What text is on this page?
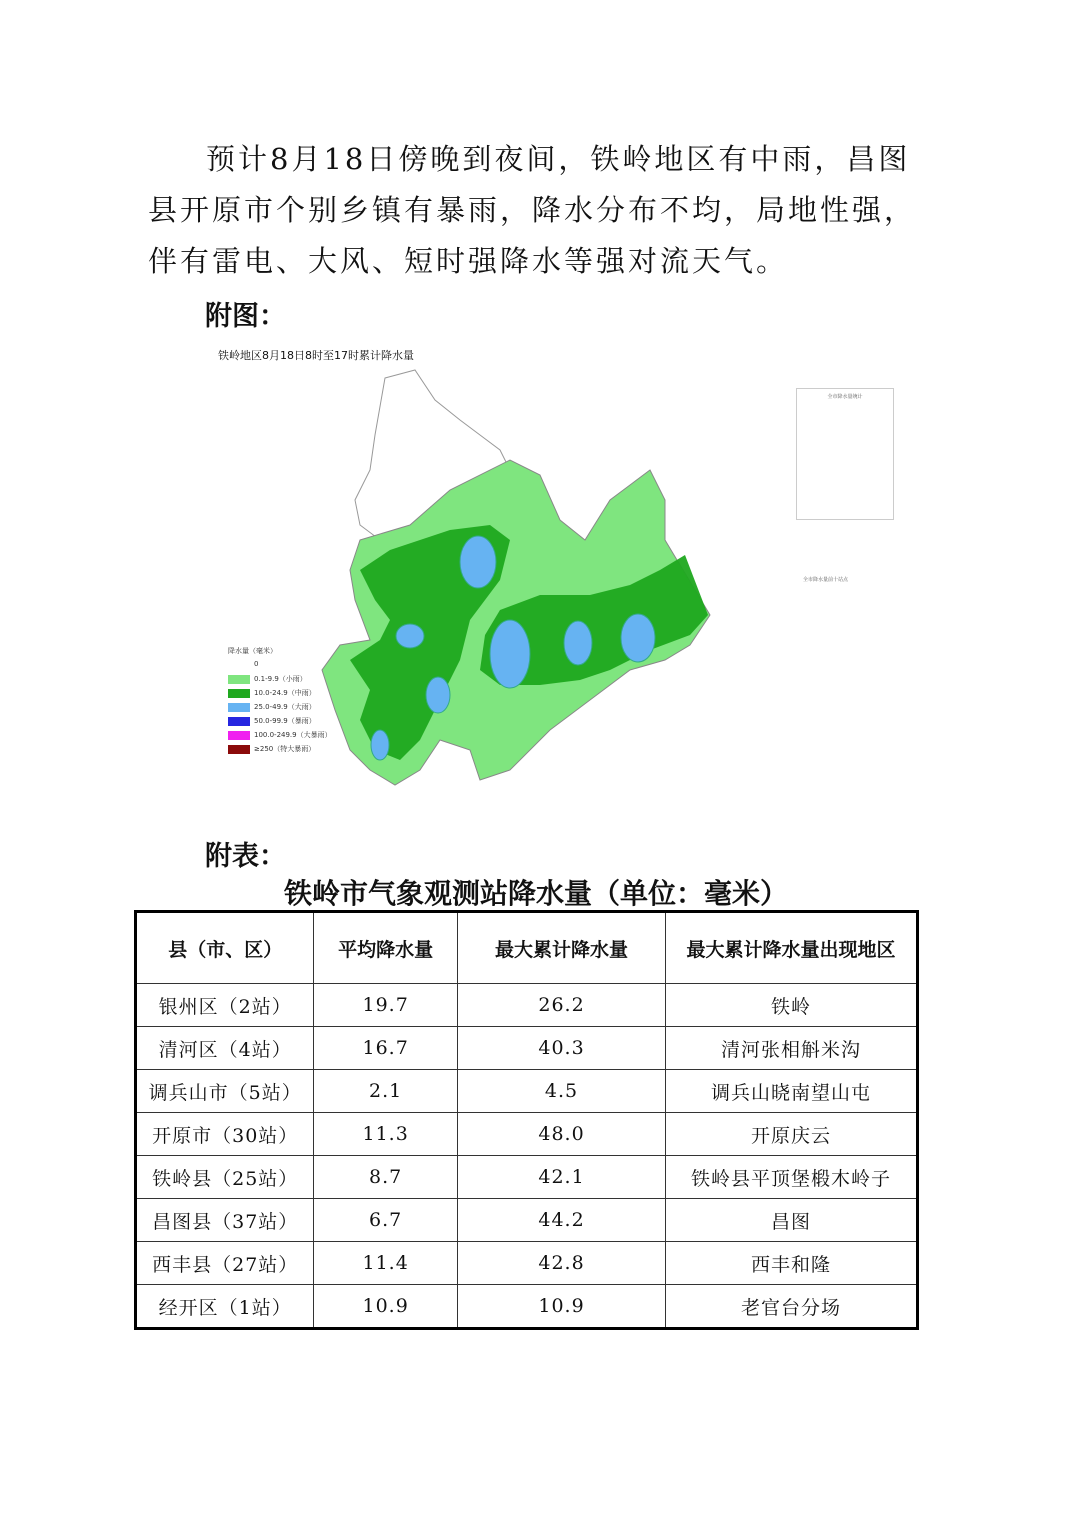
预计8月18日傍晚到夜间，铁岭地区有中雨，昌图县开原市个别乡镇有暴雨，降水分布不均，局地性强，伴有雷电、大风、短时强降水等强对流天气。
附图：
铁岭地区8月18日8时至17时累计降水量
全市降水量统计
全市降水量前十站点
降水量（毫米）
0
0.1-9.9（小雨）
10.0-24.9（中雨）
25.0-49.9（大雨）
50.0-99.9（暴雨）
100.0-249.9（大暴雨）
≥250（特大暴雨）
附表：
铁岭市气象观测站降水量（单位：毫米）
县（市、区）	平均降水量	最大累计降水量	最大累计降水量出现地区
银州区（2站）	19.7	26.2	铁岭
清河区（4站）	16.7	40.3	清河张相斛米沟
调兵山市（5站）	2.1	4.5	调兵山晓南望山屯
开原市（30站）	11.3	48.0	开原庆云
铁岭县（25站）	8.7	42.1	铁岭县平顶堡椴木岭子
昌图县（37站）	6.7	44.2	昌图
西丰县（27站）	11.4	42.8	西丰和隆
经开区（1站）	10.9	10.9	老官台分场
